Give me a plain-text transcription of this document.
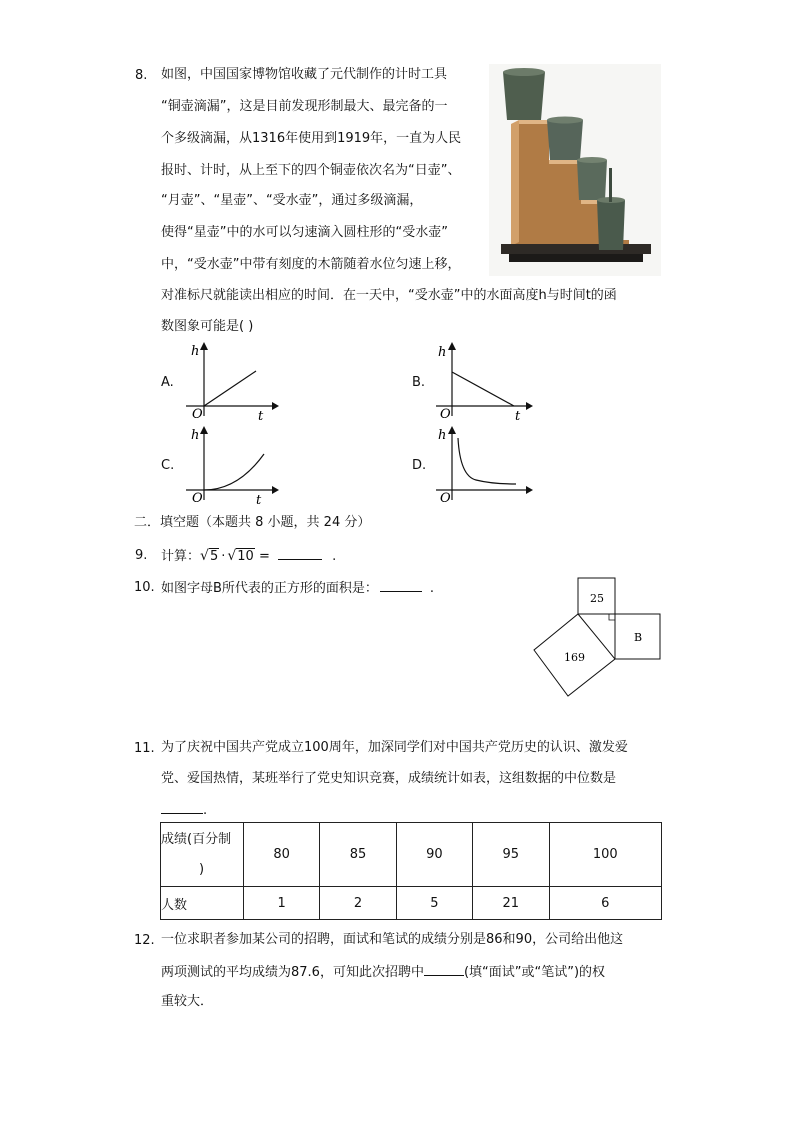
8. 如图，中国国家博物馆收藏了元代制作的计时工具
“铜壶滴漏”，这是目前发现形制最大、最完备的一
个多级滴漏，从1316年使用到1919年，一直为人民
报时、计时，从上至下的四个铜壶依次名为“日壶”、
“月壶”、“星壶”、“受水壶”，通过多级滴漏，
使得“星壶”中的水可以匀速滴入圆柱形的“受水壶”
中，“受水壶”中带有刻度的木箭随着水位匀速上移，
对准标尺就能读出相应的时间．在一天中，“受水壶”中的水面高度h与时间t的函
数图象可能是( )
A.
h
O	t
B.
h
O	t
C.
h
O	t
D.
h
O
二．填空题（本题共 8 小题，共 24 分）
9. 计算：√5 · √10 =	.
10. 如图字母B所代表的正方形的面积是：	.
25
B
169
11. 为了庆祝中国共产党成立100周年，加深同学们对中国共产党历史的认识、激发爱
党、爱国热情，某班举行了党史知识竞赛，成绩统计如表，这组数据的中位数是
.
成绩(百分制
)	80	85	90	95	100
人数	1	2	5	21	6
12. 一位求职者参加某公司的招聘，面试和笔试的成绩分别是86和90，公司给出他这
两项测试的平均成绩为87.6，可知此次招聘中	(填“面试”或“笔试”)的权
重较大．
